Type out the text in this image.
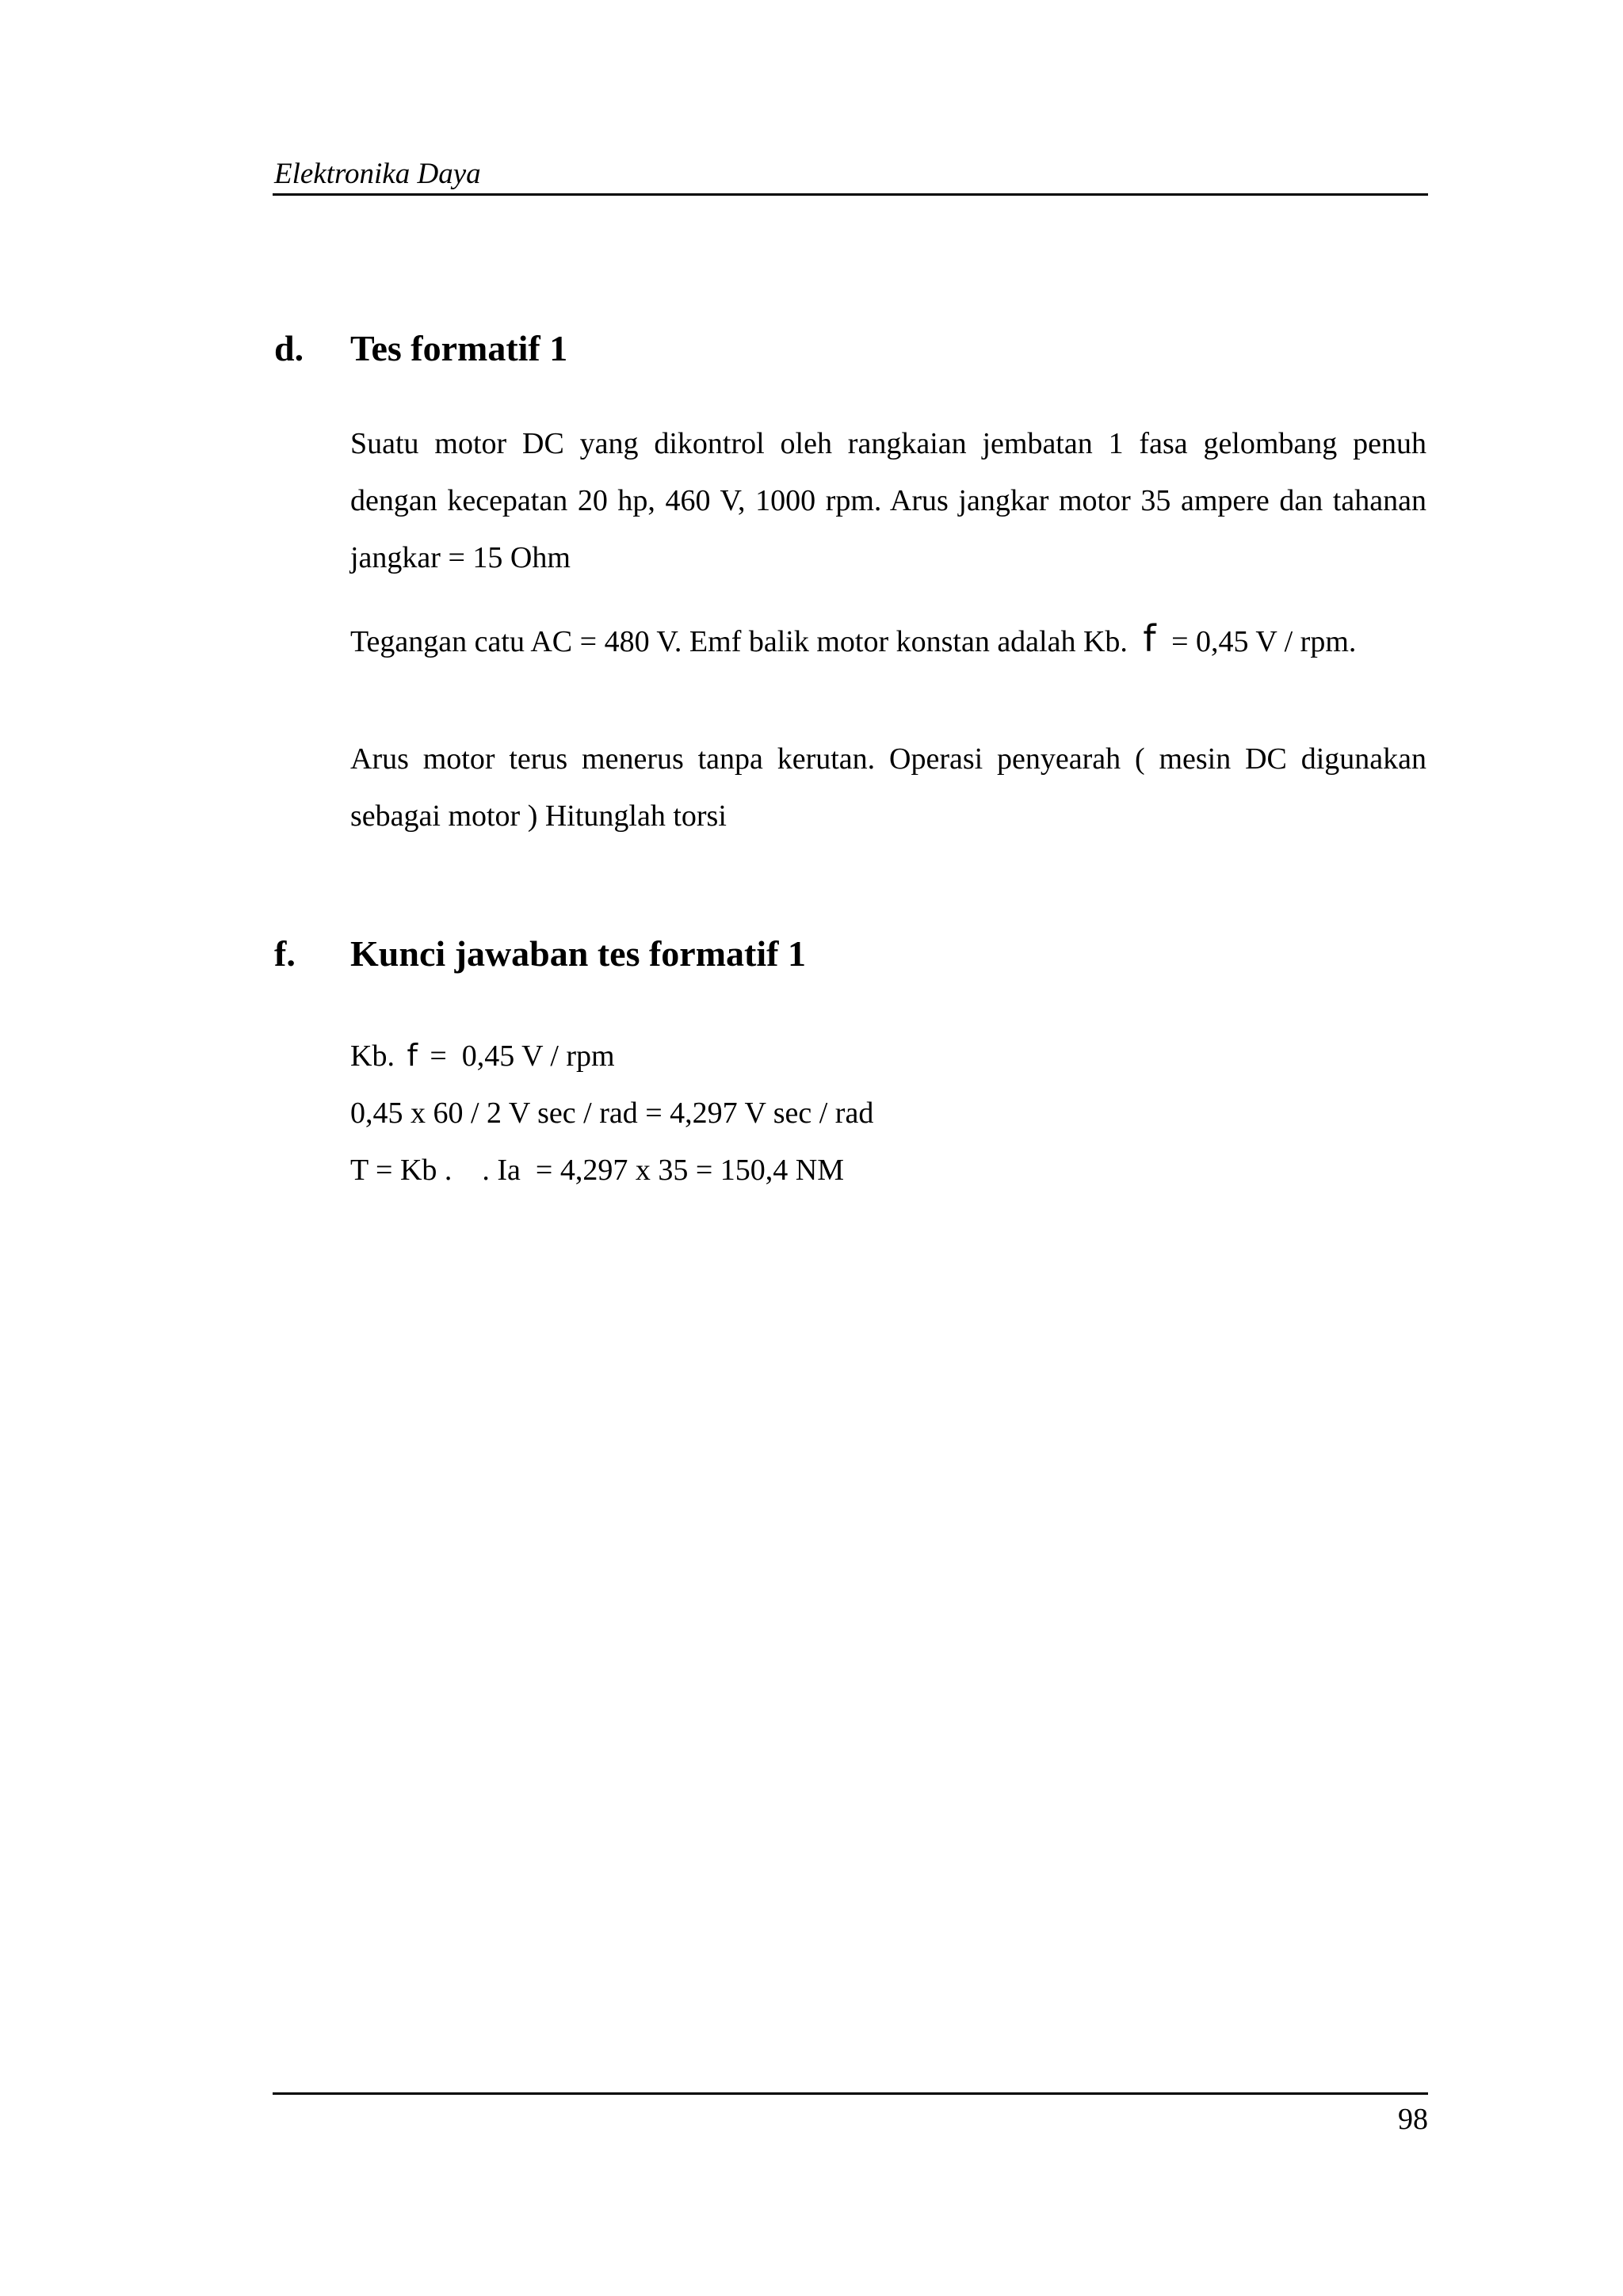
Elektronika Daya
d. Tes formatif 1

Suatu motor DC yang dikontrol oleh rangkaian jembatan 1 fasa gelombang penuh dengan kecepatan 20 hp, 460 V, 1000 rpm. Arus jangkar motor 35 ampere dan tahanan jangkar = 15 Ohm

Tegangan catu AC = 480 V. Emf balik motor konstan adalah Kb. f = 0,45 V / rpm.

Arus motor terus menerus tanpa kerutan. Operasi penyearah ( mesin DC digunakan sebagai motor ) Hitunglah torsi

f. Kunci jawaban tes formatif 1
Kb. f =  0,45 V / rpm
0,45 x 60 / 2 V sec / rad = 4,297 V sec / rad
T = Kb .    . Ia  = 4,297 x 35 = 150,4 NM
98
